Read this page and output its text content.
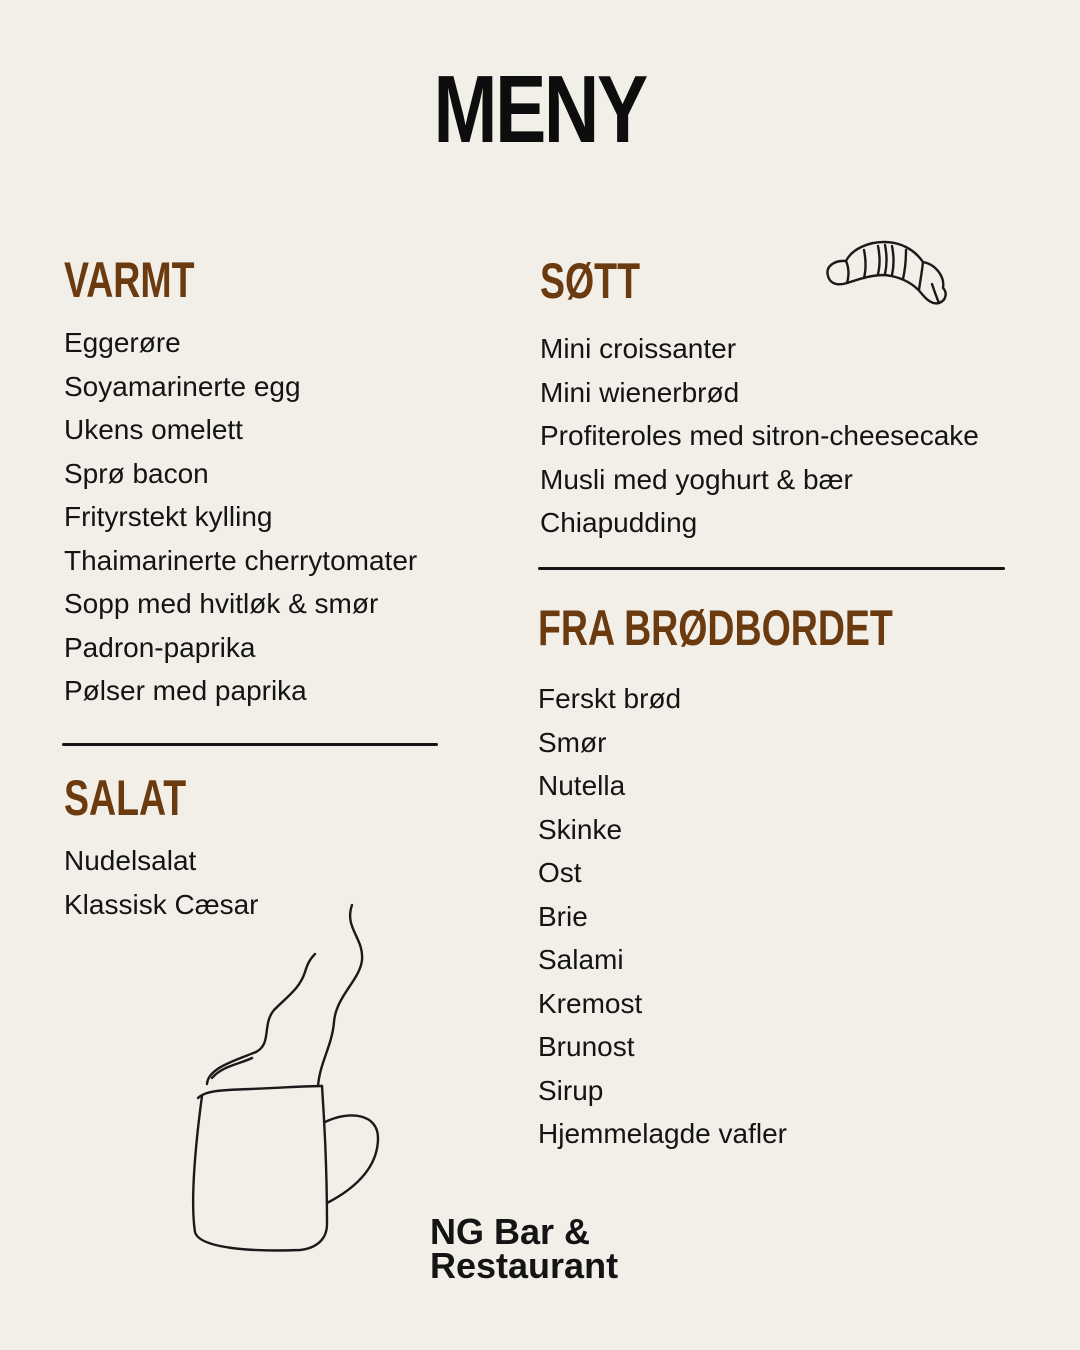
MENY
VARMT
Eggerøre
Soyamarinerte egg
Ukens omelett
Sprø bacon
Frityrstekt kylling
Thaimarinerte cherrytomater
Sopp med hvitløk & smør
Padron-paprika
Pølser med paprika
SALAT
Nudelsalat
Klassisk Cæsar
SØTT
Mini croissanter
Mini wienerbrød
Profiteroles med sitron-cheesecake
Musli med yoghurt & bær
Chiapudding
FRA BRØDBORDET
Ferskt brød
Smør
Nutella
Skinke
Ost
Brie
Salami
Kremost
Brunost
Sirup
Hjemmelagde vafler
NG Bar &
Restaurant
